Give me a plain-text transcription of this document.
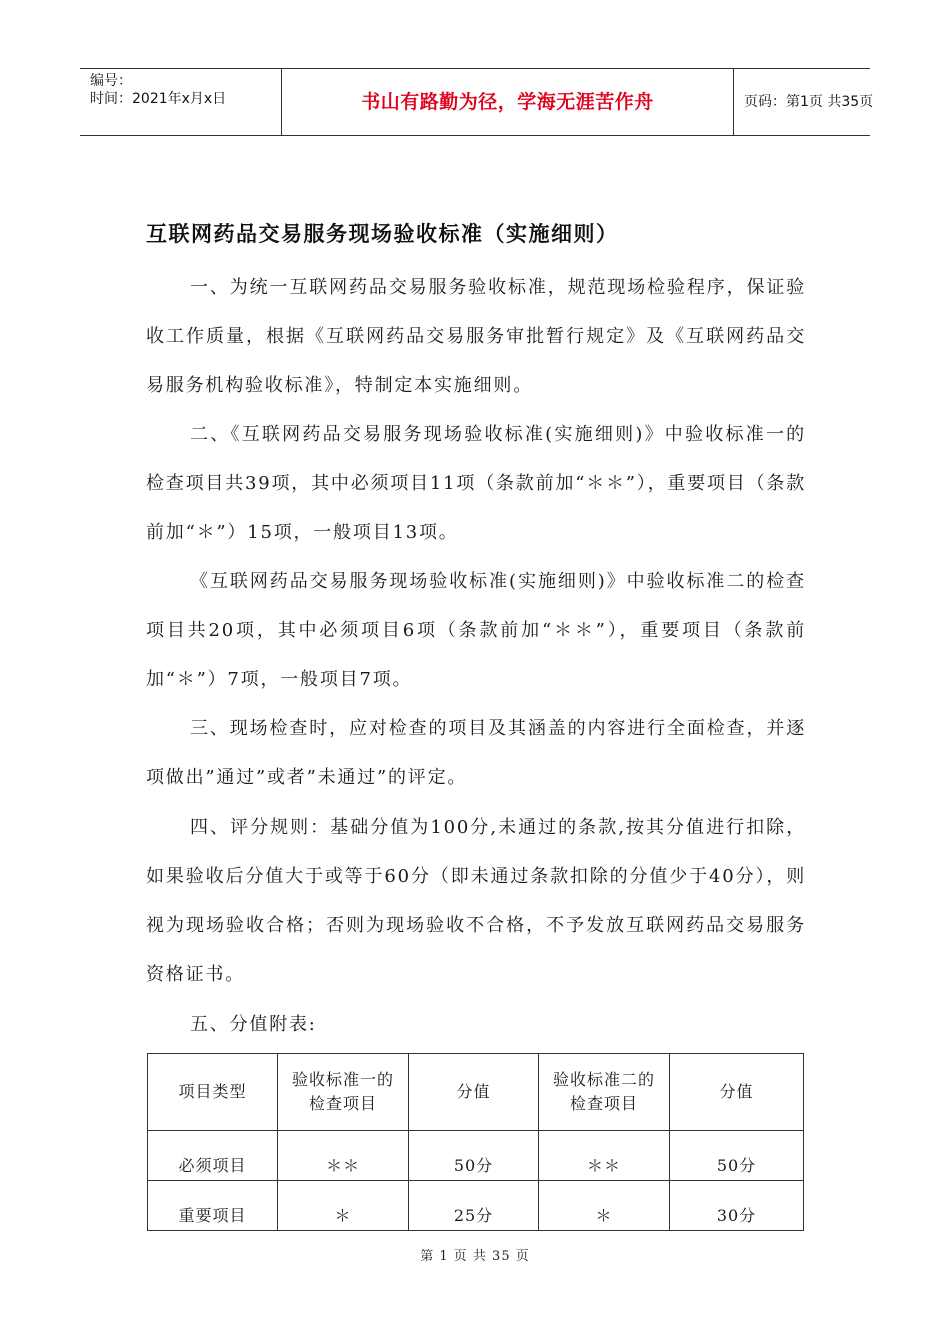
编号：
时间：2021年x月x日	书山有路勤为径，学海无涯苦作舟	页码：第1页 共35页
互联网药品交易服务现场验收标准（实施细则）

一、为统一互联网药品交易服务验收标准，规范现场检验程序，保证验收工作质量，根据《互联网药品交易服务审批暂行规定》及《互联网药品交易服务机构验收标准》，特制定本实施细则。

二、《互联网药品交易服务现场验收标准(实施细则)》中验收标准一的检查项目共39项，其中必须项目11项（条款前加“＊＊”），重要项目（条款前加“＊”）15项，一般项目13项。

《互联网药品交易服务现场验收标准(实施细则)》中验收标准二的检查项目共20项，其中必须项目6项（条款前加“＊＊”），重要项目（条款前加“＊”）7项，一般项目7项。

三、现场检查时，应对检查的项目及其涵盖的内容进行全面检查，并逐项做出”通过”或者”未通过”的评定。

四、评分规则：基础分值为100分,未通过的条款,按其分值进行扣除，如果验收后分值大于或等于60分（即未通过条款扣除的分值少于40分），则视为现场验收合格；否则为现场验收不合格，不予发放互联网药品交易服务资格证书。

五、分值附表:

项目类型	验收标准一的检查项目	分值	验收标准二的检查项目	分值
必须项目	＊＊	50分	＊＊	50分
重要项目	＊	25分	＊	30分
第 1 页 共 35 页
